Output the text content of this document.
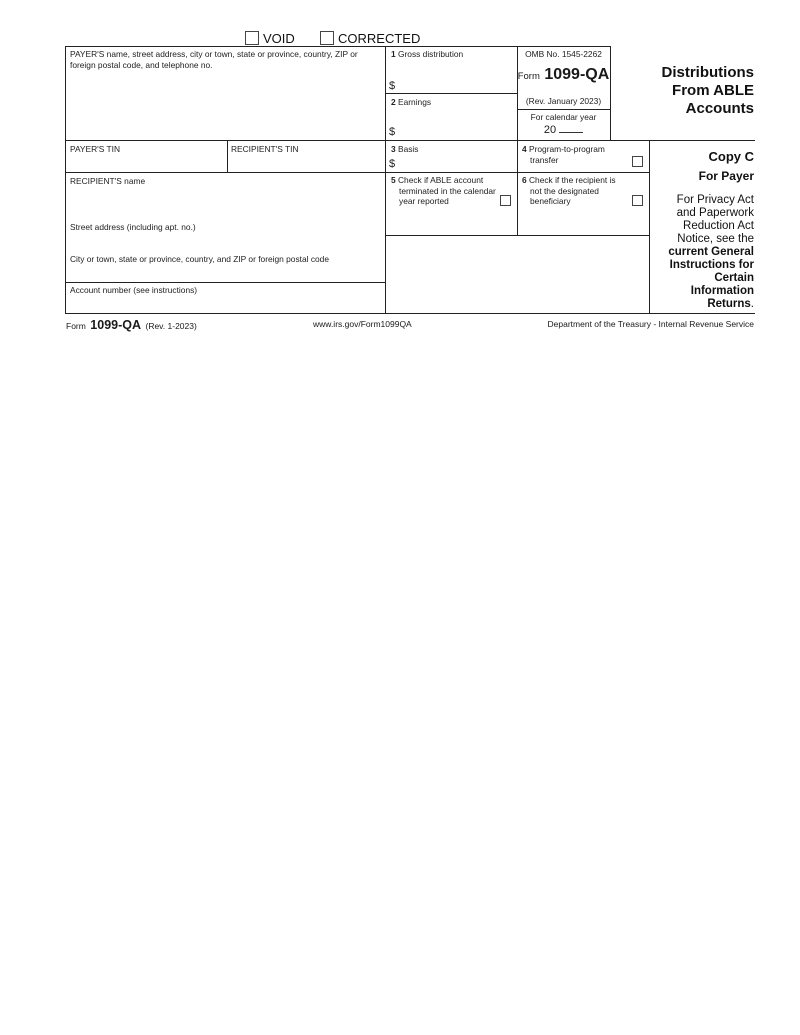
VOID	CORRECTED
PAYER'S name, street address, city or town, state or province, country, ZIP or foreign postal code, and telephone no.
1 Gross distribution
$
2 Earnings
$
OMB No. 1545-2262
Form 1099-QA
(Rev. January 2023)
For calendar year
20
Distributions
From ABLE
Accounts
PAYER'S TIN	RECIPIENT'S TIN	3 Basis
$
4 Program-to-program
transfer
RECIPIENT'S name
Street address (including apt. no.)
City or town, state or province, country, and ZIP or foreign postal code
Account number (see instructions)
5 Check if ABLE account
terminated in the calendar
year reported
6 Check if the recipient is
not the designated
beneficiary
Copy C
For Payer
For Privacy Act
and Paperwork
Reduction Act
Notice, see the
current General
Instructions for
Certain
Information
Returns.
Form 1099-QA (Rev. 1-2023)	www.irs.gov/Form1099QA	Department of the Treasury - Internal Revenue Service
